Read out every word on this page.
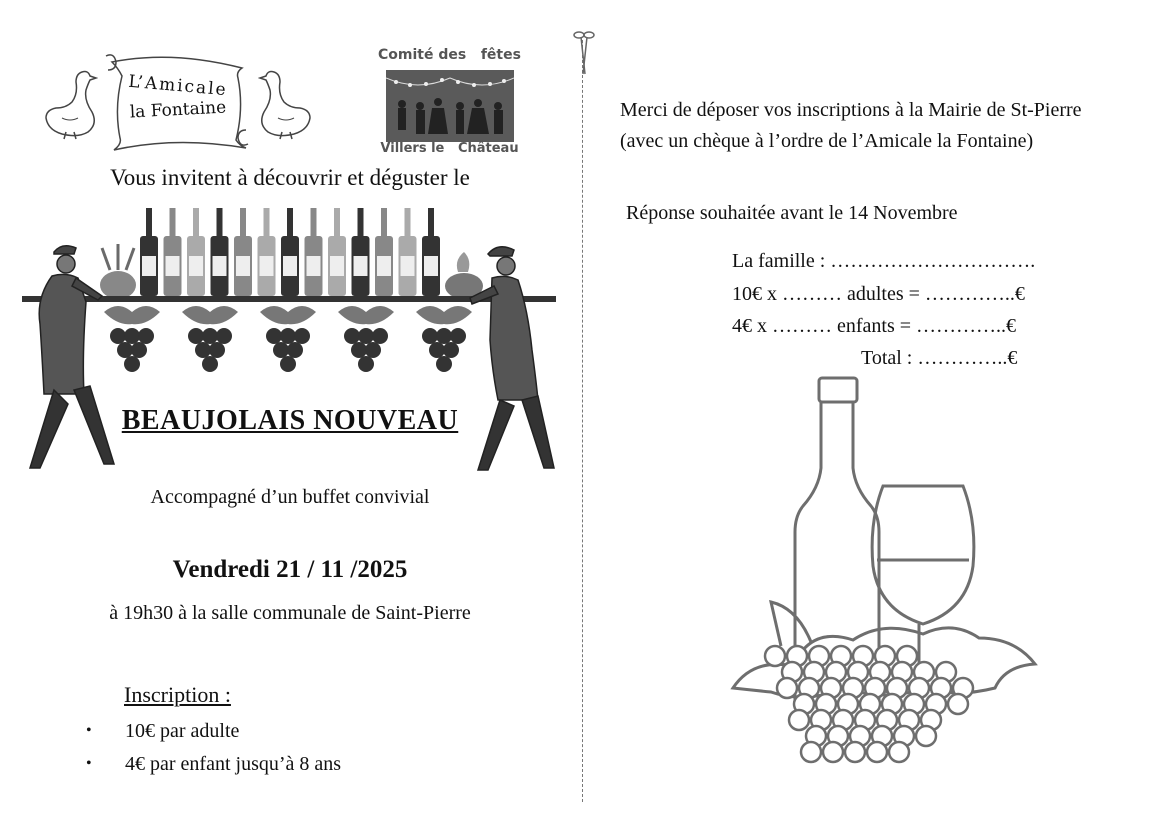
L’Amicale
la Fontaine
Comité des   fêtes
Villers le   Château
Vous invitent à découvrir et déguster le
BEAUJOLAIS NOUVEAU
Accompagné d’un buffet convivial
Vendredi 21 / 11 /2025
à 19h30 à la salle communale de Saint-Pierre
Inscription :
• 10€ par adulte
• 4€ par enfant jusqu’à 8 ans
Merci de déposer vos inscriptions à la Mairie de St-Pierre
(avec un chèque à l’ordre de l’Amicale la Fontaine)
Réponse souhaitée avant le 14 Novembre
La famille : ………………………….
10€ x ……… adultes = …………..€
4€ x ……… enfants = …………..€
Total : …………..€
